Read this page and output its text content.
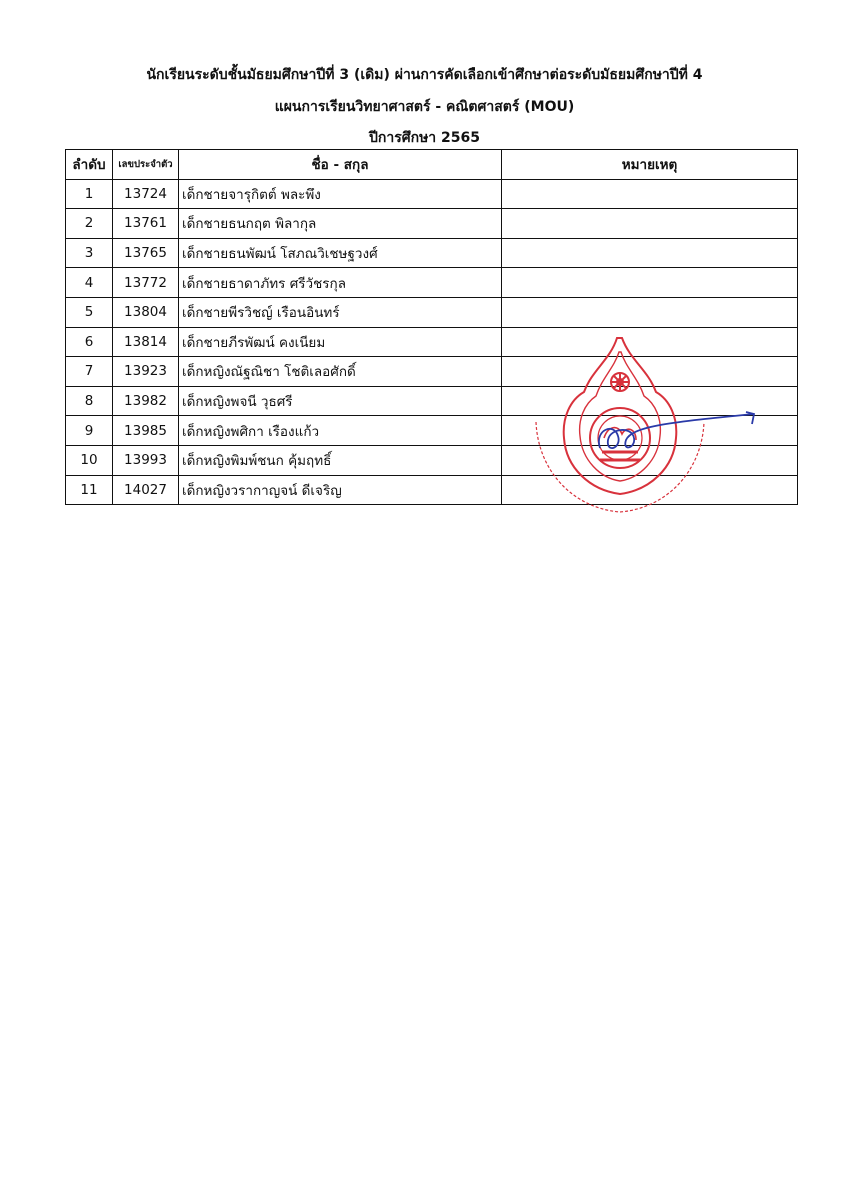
นักเรียนระดับชั้นมัธยมศึกษาปีที่ 3 (เดิม) ผ่านการคัดเลือกเข้าศึกษาต่อระดับมัธยมศึกษาปีที่ 4
แผนการเรียนวิทยาศาสตร์ - คณิตศาสตร์ (MOU)
ปีการศึกษา 2565
ลำดับ	เลขประจำตัว	ชื่อ - สกุล	หมายเหตุ
1	13724	เด็กชายจารุกิตต์ พละพึง	
2	13761	เด็กชายธนกฤต พิลากุล	
3	13765	เด็กชายธนพัฒน์ โสภณวิเชษฐวงศ์	
4	13772	เด็กชายธาดาภัทร ศรีวัชรกุล	
5	13804	เด็กชายพีรวิชญ์ เรือนอินทร์	
6	13814	เด็กชายภีรพัฒน์ คงเนียม	
7	13923	เด็กหญิงณัฐณิชา โชติเลอศักดิ์	
8	13982	เด็กหญิงพจนี วุธศรี	
9	13985	เด็กหญิงพศิกา เรืองแก้ว	
10	13993	เด็กหญิงพิมพ์ชนก คุ้มฤทธิ์	
11	14027	เด็กหญิงวรากาญจน์ ดีเจริญ	
